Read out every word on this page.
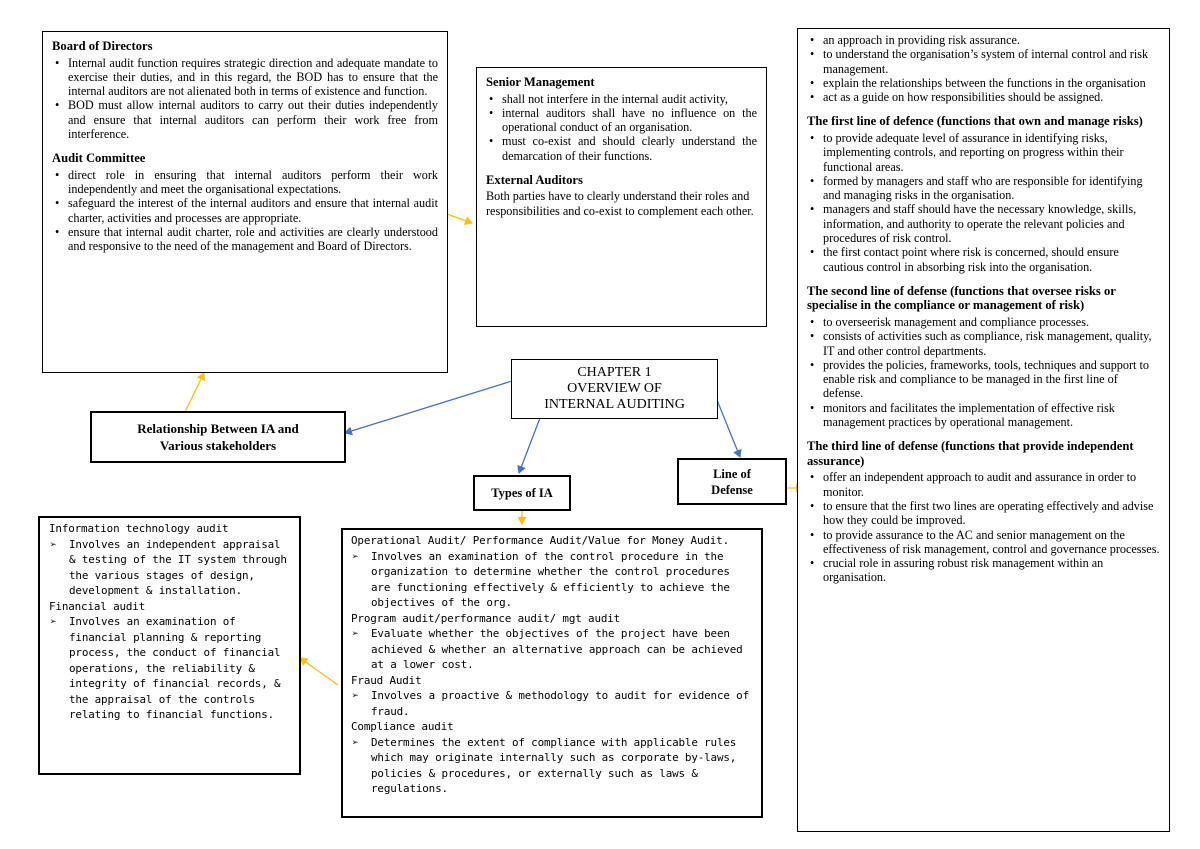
Board of Directors
• Internal audit function requires strategic direction and adequate mandate to exercise their duties, and in this regard, the BOD has to ensure that the internal auditors are not alienated both in terms of existence and function.
• BOD must allow internal auditors to carry out their duties independently and ensure that internal auditors can perform their work free from interference.
Audit Committee
• direct role in ensuring that internal auditors perform their work independently and meet the organisational expectations.
• safeguard the interest of the internal auditors and ensure that internal audit charter, activities and processes are appropriate.
• ensure that internal audit charter, role and activities are clearly understood and responsive to the need of the management and Board of Directors.
Senior Management
• shall not interfere in the internal audit activity,
• internal auditors shall have no influence on the operational conduct of an organisation.
• must co-exist and should clearly understand the demarcation of their functions.
External Auditors

Both parties have to clearly understand their roles and responsibilities and co-exist to complement each other.

• an approach in providing risk assurance.
• to understand the organisation’s system of internal control and risk management.
• explain the relationships between the functions in the organisation
• act as a guide on how responsibilities should be assigned.
The first line of defence (functions that own and manage risks)
• to provide adequate level of assurance in identifying risks, implementing controls, and reporting on progress within their functional areas.
• formed by managers and staff who are responsible for identifying and managing risks in the organisation.
• managers and staff should have the necessary knowledge, skills, information, and authority to operate the relevant policies and procedures of risk control.
• the first contact point where risk is concerned, should ensure cautious control in absorbing risk into the organisation.
The second line of defense (functions that oversee risks or specialise in the compliance or management of risk)
• to overseerisk management and compliance processes.
• consists of activities such as compliance, risk management, quality, IT and other control departments.
• provides the policies, frameworks, tools, techniques and support to enable risk and compliance to be managed in the first line of defense.
• monitors and facilitates the implementation of effective risk management practices by operational management.
The third line of defense (functions that provide independent assurance)
• offer an independent approach to audit and assurance in order to monitor.
• to ensure that the first two lines are operating effectively and advise how they could be improved.
• to provide assurance to the AC and senior management on the effectiveness of risk management, control and governance processes.
• crucial role in assuring robust risk management within an organisation.
CHAPTER 1
OVERVIEW OF
INTERNAL AUDITING
Relationship Between IA and
Various stakeholders
Types of IA
Line of
Defense
Information technology audit
➢ Involves an independent appraisal & testing of the IT system through the various stages of design, development & installation.
Financial audit
➢ Involves an examination of financial planning & reporting process, the conduct of financial operations, the reliability & integrity of financial records, & the appraisal of the controls relating to financial functions.
Operational Audit/ Performance Audit/Value for Money Audit.
➢ Involves an examination of the control procedure in the organization to determine whether the control procedures are functioning effectively & efficiently to achieve the objectives of the org.
Program audit/performance audit/ mgt audit
➢ Evaluate whether the objectives of the project have been achieved & whether an alternative approach can be achieved at a lower cost.
Fraud Audit
➢ Involves a proactive & methodology to audit for evidence of fraud.
Compliance audit
➢ Determines the extent of compliance with applicable rules which may originate internally such as corporate by-laws, policies & procedures, or externally such as laws & regulations.
